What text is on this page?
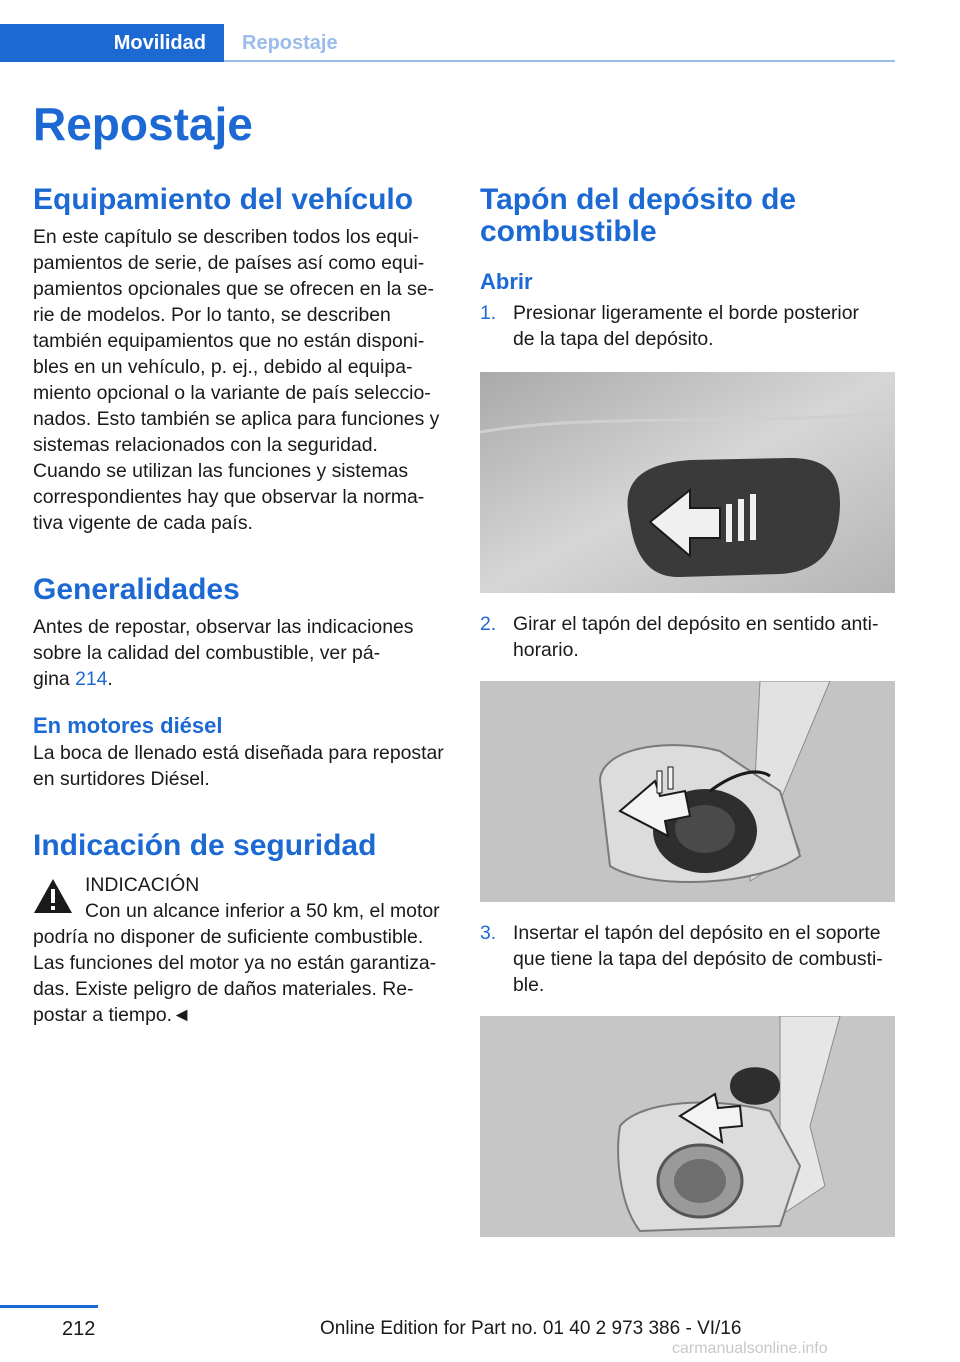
Movilidad	Repostaje
Repostaje
Equipamiento del vehículo

En este capítulo se describen todos los equi-

pamientos de serie, de países así como equi-

pamientos opcionales que se ofrecen en la se-

rie de modelos. Por lo tanto, se describen

también equipamientos que no están disponi-

bles en un vehículo, p. ej., debido al equipa-

miento opcional o la variante de país seleccio-

nados. Esto también se aplica para funciones y

sistemas relacionados con la seguridad.

Cuando se utilizan las funciones y sistemas

correspondientes hay que observar la norma-

tiva vigente de cada país.

Generalidades

Antes de repostar, observar las indicaciones

sobre la calidad del combustible, ver pá-

gina 214.

En motores diésel

La boca de llenado está diseñada para repostar

en surtidores Diésel.

Indicación de seguridad

INDICACIÓN

Con un alcance inferior a 50 km, el motor

podría no disponer de suficiente combustible.

Las funciones del motor ya no están garantiza-

das. Existe peligro de daños materiales. Re-

postar a tiempo.◄

Tapón del depósito de
combustible
Abrir
1. Presionar ligeramente el borde posterior
de la tapa del depósito.
2. Girar el tapón del depósito en sentido anti-
horario.
3. Insertar el tapón del depósito en el soporte
que tiene la tapa del depósito de combusti-
ble.
212	Online Edition for Part no. 01 40 2 973 386 - VI/16
carmanualsonline.info
